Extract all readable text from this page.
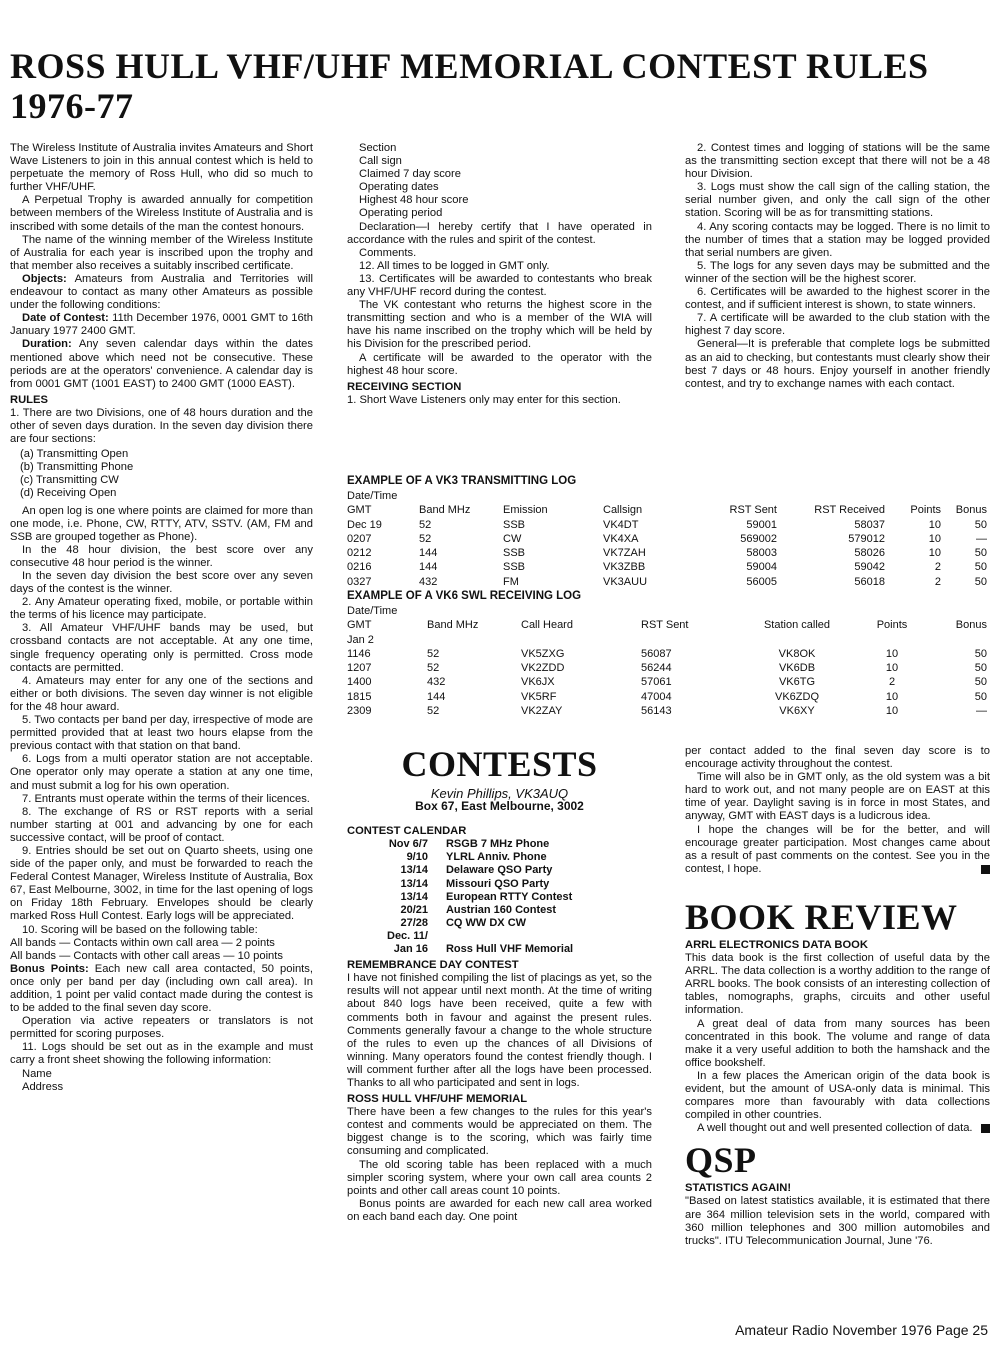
ROSS HULL VHF/UHF MEMORIAL CONTEST RULES 1976-77

The Wireless Institute of Australia invites Amateurs and Short Wave Listeners to join in this annual contest which is held to perpetuate the memory of Ross Hull, who did so much to further VHF/UHF.

A Perpetual Trophy is awarded annually for competition between members of the Wireless Institute of Australia and is inscribed with some details of the man the contest honours.

The name of the winning member of the Wireless Institute of Australia for each year is inscribed upon the trophy and that member also receives a suitably inscribed certificate.

Objects: Amateurs from Australia and Territories will endeavour to contact as many other Amateurs as possible under the following conditions:

Date of Contest: 11th December 1976, 0001 GMT to 16th January 1977 2400 GMT.

Duration: Any seven calendar days within the dates mentioned above which need not be consecutive. These periods are at the operators' convenience. A calendar day is from 0001 GMT (1001 EAST) to 2400 GMT (1000 EAST).

RULES

1. There are two Divisions, one of 48 hours duration and the other of seven days duration. In the seven day division there are four sections:

(a) Transmitting Open
(b) Transmitting Phone
(c) Transmitting CW
(d) Receiving Open

An open log is one where points are claimed for more than one mode, i.e. Phone, CW, RTTY, ATV, SSTV. (AM, FM and SSB are grouped together as Phone).

In the 48 hour division, the best score over any consecutive 48 hour period is the winner.

In the seven day division the best score over any seven days of the contest is the winner.

2. Any Amateur operating fixed, mobile, or portable within the terms of his licence may participate.

3. All Amateur VHF/UHF bands may be used, but crossband contacts are not acceptable. At any one time, single frequency operating only is permitted. Cross mode contacts are permitted.

4. Amateurs may enter for any one of the sections and either or both divisions. The seven day winner is not eligible for the 48 hour award.

5. Two contacts per band per day, irrespective of mode are permitted provided that at least two hours elapse from the previous contact with that station on that band.

6. Logs from a multi operator station are not acceptable. One operator only may operate a station at any one time, and must submit a log for his own operation.

7. Entrants must operate within the terms of their licences.

8. The exchange of RS or RST reports with a serial number starting at 001 and advancing by one for each successive contact, will be proof of contact.

9. Entries should be set out on Quarto sheets, using one side of the paper only, and must be forwarded to reach the Federal Contest Manager, Wireless Institute of Australia, Box 67, East Melbourne, 3002, in time for the last opening of logs on Friday 18th February. Envelopes should be clearly marked Ross Hull Contest. Early logs will be appreciated.

10. Scoring will be based on the following table:

All bands — Contacts within own call area — 2 points

All bands — Contacts with other call areas — 10 points

Bonus Points: Each new call area contacted, 50 points, once only per band per day (including own call area). In addition, 1 point per valid contact made during the contest is to be added to the final seven day score.

Operation via active repeaters or translators is not permitted for scoring purposes.

11. Logs should be set out as in the example and must carry a front sheet showing the following information:

Name
Address
Section
Call sign
Claimed 7 day score
Operating dates
Highest 48 hour score
Operating period

Declaration—I hereby certify that I have operated in accordance with the rules and spirit of the contest.

Comments.

12. All times to be logged in GMT only.

13. Certificates will be awarded to contestants who break any VHF/UHF record during the contest.

The VK contestant who returns the highest score in the transmitting section and who is a member of the WIA will have his name inscribed on the trophy which will be held by his Division for the prescribed period.

A certificate will be awarded to the operator with the highest 48 hour score.

RECEIVING SECTION

1. Short Wave Listeners only may enter for this section.

2. Contest times and logging of stations will be the same as the transmitting section except that there will not be a 48 hour Division.

3. Logs must show the call sign of the calling station, the serial number given, and only the call sign of the other station. Scoring will be as for transmitting stations.

4. Any scoring contacts may be logged. There is no limit to the number of times that a station may be logged provided that serial numbers are given.

5. The logs for any seven days may be submitted and the winner of the section will be the highest scorer.

6. Certificates will be awarded to the highest scorer in the contest, and if sufficient interest is shown, to state winners.

7. A certificate will be awarded to the club station with the highest 7 day score.

General—It is preferable that complete logs be submitted as an aid to checking, but contestants must clearly show their best 7 days or 48 hours. Enjoy yourself in another friendly contest, and try to exchange names with each contact.

EXAMPLE OF A VK3 TRANSMITTING LOG
Date/Time							
GMT	Band MHz	Emission	Callsign	RST Sent	RST Received	Points	Bonus
Dec 19	52	SSB	VK4DT	59001	58037	10	50
0207	52	CW	VK4XA	569002	579012	10	—
0212	144	SSB	VK7ZAH	58003	58026	10	50
0216	144	SSB	VK3ZBB	59004	59042	2	50
0327	432	FM	VK3AUU	56005	56018	2	50
EXAMPLE OF A VK6 SWL RECEIVING LOG
Date/Time						
GMT	Band MHz	Call Heard	RST Sent	Station called	Points	Bonus
Jan 2						
1146	52	VK5ZXG	56087	VK8OK	10	50
1207	52	VK2ZDD	56244	VK6DB	10	50
1400	432	VK6JX	57061	VK6TG	2	50
1815	144	VK5RF	47004	VK6ZDQ	10	50
2309	52	VK2ZAY	56143	VK6XY	10	—
CONTESTS
Kevin Phillips, VK3AUQ
Box 67, East Melbourne, 3002

CONTEST CALENDAR

Nov 6/7	RSGB 7 MHz Phone
9/10	YLRL Anniv. Phone
13/14	Delaware QSO Party
13/14	Missouri QSO Party
13/14	European RTTY Contest
20/21	Austrian 160 Contest
27/28	CQ WW DX CW
Dec. 11/	
Jan 16	Ross Hull VHF Memorial

REMEMBRANCE DAY CONTEST

I have not finished compiling the list of placings as yet, so the results will not appear until next month. At the time of writing about 840 logs have been received, quite a few with comments both in favour and against the present rules. Comments generally favour a change to the whole structure of the rules to even up the chances of all Divisions of winning. Many operators found the contest friendly though. I will comment further after all the logs have been processed. Thanks to all who participated and sent in logs.

ROSS HULL VHF/UHF MEMORIAL

There have been a few changes to the rules for this year's contest and comments would be appreciated on them. The biggest change is to the scoring, which was fairly time consuming and complicated.

The old scoring table has been replaced with a much simpler scoring system, where your own call area counts 2 points and other call areas count 10 points.

Bonus points are awarded for each new call area worked on each band each day. One point

per contact added to the final seven day score is to encourage activity throughout the contest.

Time will also be in GMT only, as the old system was a bit hard to work out, and not many people are on EAST at this time of year. Daylight saving is in force in most States, and anyway, GMT with EAST days is a ludicrous idea.

I hope the changes will be for the better, and will encourage greater participation. Most changes came about as a result of past comments on the contest. See you in the contest, I hope.

BOOK REVIEW

ARRL ELECTRONICS DATA BOOK

This data book is the first collection of useful data by the ARRL. The data collection is a worthy addition to the range of ARRL books. The book consists of an interesting collection of tables, nomographs, graphs, circuits and other useful information.

A great deal of data from many sources has been concentrated in this book. The volume and range of data make it a very useful addition to both the hamshack and the office bookshelf.

In a few places the American origin of the data book is evident, but the amount of USA-only data is minimal. This compares more than favourably with data collections compiled in other countries.

A well thought out and well presented collection of data.

QSP

STATISTICS AGAIN!

"Based on latest statistics available, it is estimated that there are 364 million television sets in the world, compared with 360 million telephones and 300 million automobiles and trucks". ITU Telecommunication Journal, June '76.

Amateur Radio November 1976 Page 25
